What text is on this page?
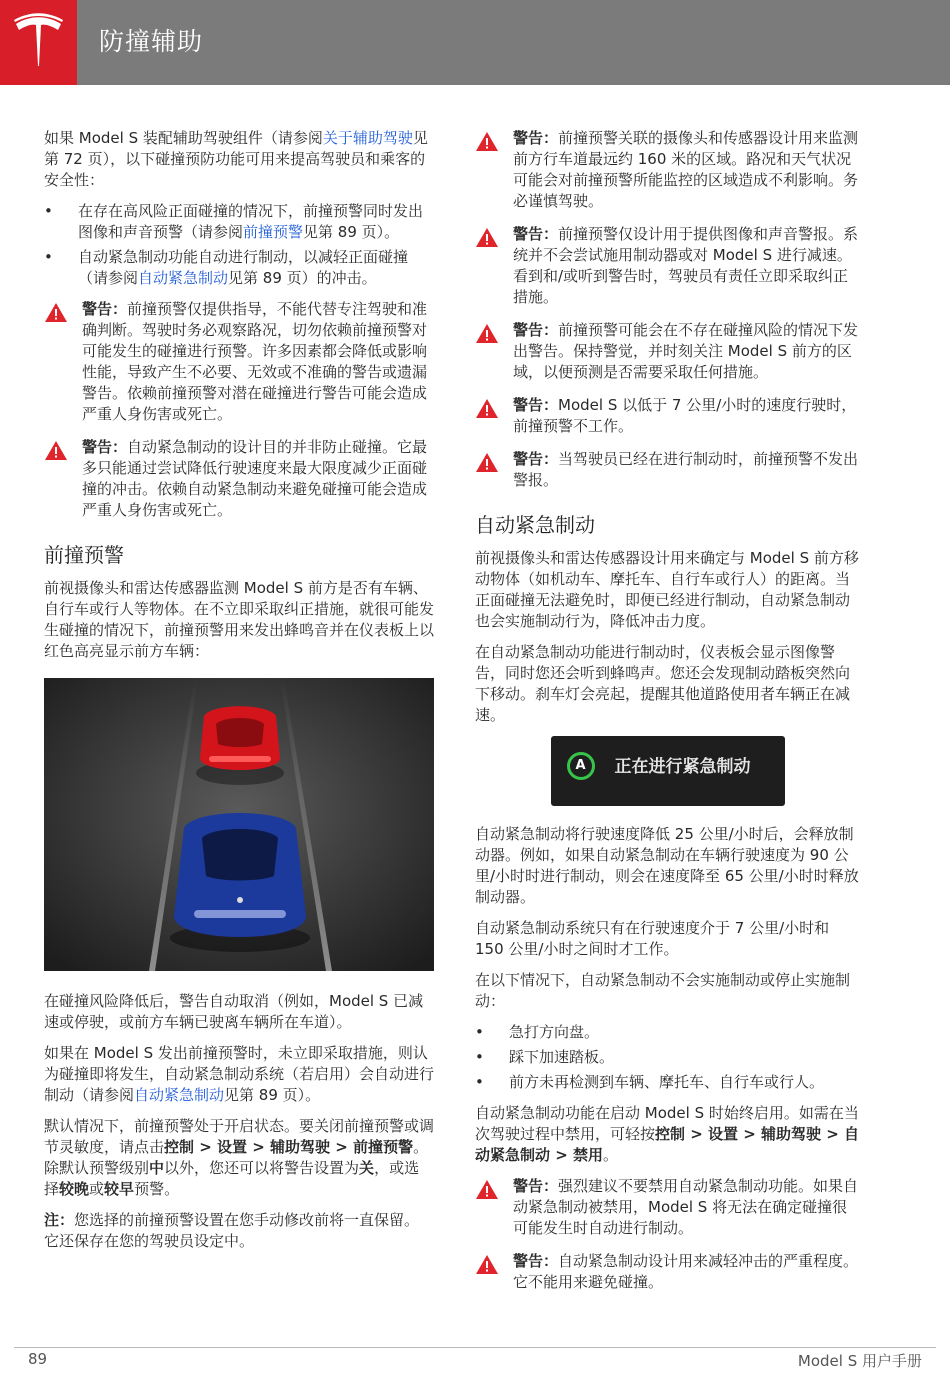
防撞辅助

如果 Model S 装配辅助驾驶组件（请参阅关于辅助驾驶见第 72 页），以下碰撞预防功能可用来提高驾驶员和乘客的安全性：

• 在存在高风险正面碰撞的情况下，前撞预警同时发出图像和声音预警（请参阅前撞预警见第 89 页）。
• 自动紧急制动功能自动进行制动，以减轻正面碰撞（请参阅自动紧急制动见第 89 页）的冲击。
警告：前撞预警仅提供指导，不能代替专注驾驶和准确判断。驾驶时务必观察路况，切勿依赖前撞预警对可能发生的碰撞进行预警。许多因素都会降低或影响性能，导致产生不必要、无效或不准确的警告或遗漏警告。依赖前撞预警对潜在碰撞进行警告可能会造成严重人身伤害或死亡。
警告：自动紧急制动的设计目的并非防止碰撞。它最多只能通过尝试降低行驶速度来最大限度减少正面碰撞的冲击。依赖自动紧急制动来避免碰撞可能会造成严重人身伤害或死亡。
前撞预警

前视摄像头和雷达传感器监测 Model S 前方是否有车辆、自行车或行人等物体。在不立即采取纠正措施，就很可能发生碰撞的情况下，前撞预警用来发出蜂鸣音并在仪表板上以红色高亮显示前方车辆：

在碰撞风险降低后，警告自动取消（例如，Model S 已减速或停驶，或前方车辆已驶离车辆所在车道）。

如果在 Model S 发出前撞预警时，未立即采取措施，则认为碰撞即将发生，自动紧急制动系统（若启用）会自动进行制动（请参阅自动紧急制动见第 89 页）。

默认情况下，前撞预警处于开启状态。要关闭前撞预警或调节灵敏度，请点击控制 > 设置 > 辅助驾驶 > 前撞预警。除默认预警级别中以外，您还可以将警告设置为关，或选择较晚或较早预警。

注：您选择的前撞预警设置在您手动修改前将一直保留。它还保存在您的驾驶员设定中。

警告：前撞预警关联的摄像头和传感器设计用来监测前方行车道最远约 160 米的区域。路况和天气状况可能会对前撞预警所能监控的区域造成不利影响。务必谨慎驾驶。
警告：前撞预警仅设计用于提供图像和声音警报。系统并不会尝试施用制动器或对 Model S 进行减速。看到和/或听到警告时，驾驶员有责任立即采取纠正措施。
警告：前撞预警可能会在不存在碰撞风险的情况下发出警告。保持警觉，并时刻关注 Model S 前方的区域，以便预测是否需要采取任何措施。
警告：Model S 以低于 7 公里/小时的速度行驶时，前撞预警不工作。
警告：当驾驶员已经在进行制动时，前撞预警不发出警报。
自动紧急制动

前视摄像头和雷达传感器设计用来确定与 Model S 前方移动物体（如机动车、摩托车、自行车或行人）的距离。当正面碰撞无法避免时，即便已经进行制动，自动紧急制动也会实施制动行为，降低冲击力度。

在自动紧急制动功能进行制动时，仪表板会显示图像警告，同时您还会听到蜂鸣声。您还会发现制动踏板突然向下移动。刹车灯会亮起，提醒其他道路使用者车辆正在减速。

A	正在进行紧急制动

自动紧急制动将行驶速度降低 25 公里/小时后，会释放制动器。例如，如果自动紧急制动在车辆行驶速度为 90 公里/小时时进行制动，则会在速度降至 65 公里/小时时释放制动器。

自动紧急制动系统只有在行驶速度介于 7 公里/小时和 150 公里/小时之间时才工作。

在以下情况下，自动紧急制动不会实施制动或停止实施制动：

• 急打方向盘。
• 踩下加速踏板。
• 前方未再检测到车辆、摩托车、自行车或行人。

自动紧急制动功能在启动 Model S 时始终启用。如需在当次驾驶过程中禁用，可轻按控制 > 设置 > 辅助驾驶 > 自动紧急制动 > 禁用。

警告：强烈建议不要禁用自动紧急制动功能。如果自动紧急制动被禁用，Model S 将无法在确定碰撞很可能发生时自动进行制动。
警告：自动紧急制动设计用来减轻冲击的严重程度。它不能用来避免碰撞。
89	Model S 用户手册
